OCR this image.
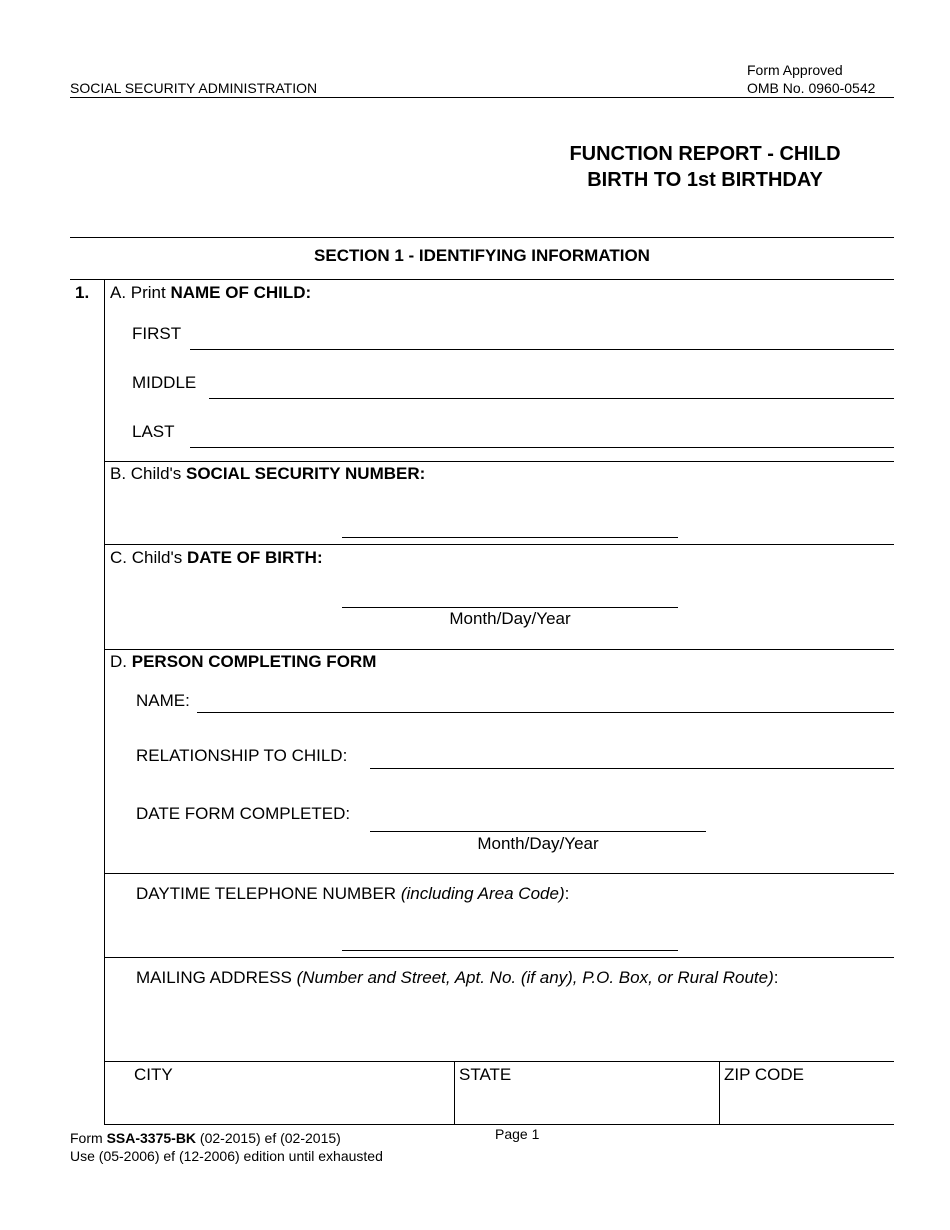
SOCIAL SECURITY ADMINISTRATION
Form Approved
OMB No. 0960-0542
FUNCTION REPORT - CHILD
BIRTH TO 1st BIRTHDAY
SECTION 1 - IDENTIFYING INFORMATION
1. A. Print NAME OF CHILD:
FIRST
MIDDLE
LAST
B. Child's SOCIAL SECURITY NUMBER:
C. Child's DATE OF BIRTH:
Month/Day/Year
D. PERSON COMPLETING FORM
NAME:
RELATIONSHIP TO CHILD:
DATE FORM COMPLETED:
Month/Day/Year
DAYTIME TELEPHONE NUMBER (including Area Code):
MAILING ADDRESS (Number and Street, Apt. No. (if any), P.O. Box, or Rural Route):
CITY	STATE	ZIP CODE
Form SSA-3375-BK (02-2015) ef (02-2015)
Use (05-2006) ef (12-2006) edition until exhausted
Page 1
